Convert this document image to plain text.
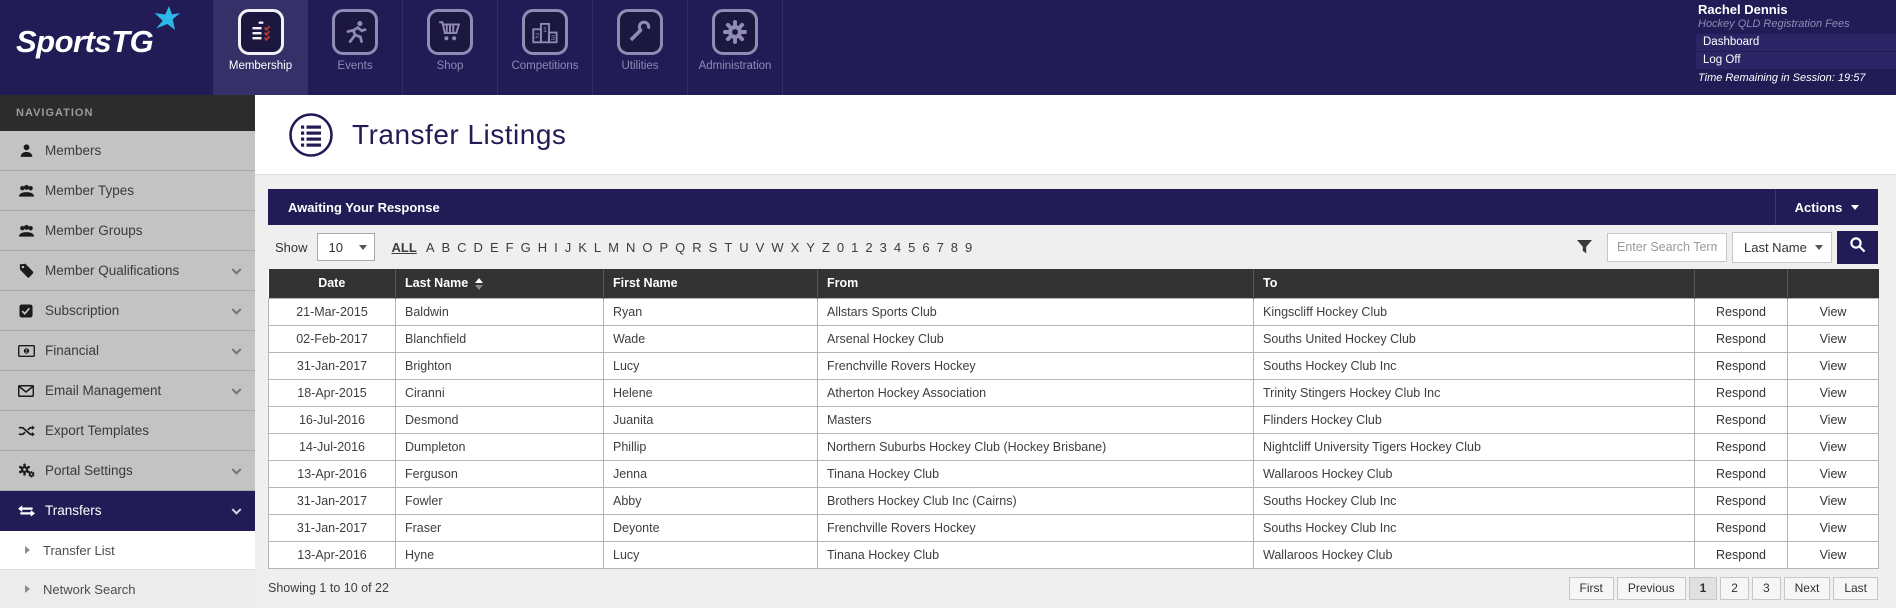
SportsTG
Membership	Events	Shop
2
1
3
Competitions	Utilities	Administration
Rachel Dennis
Hockey QLD Registration Fees
Dashboard
Log Off
Time Remaining in Session: 19:57
NAVIGATION
Members
Member Types
Member Groups
Member Qualifications
Subscription
1 Financial
Email Management
Export Templates
Portal Settings
Transfers
Transfer List
Network Search
Transfer Listings
Awaiting Your Response	Actions
Show 10	ALL A B C D E F G H I J K L M N O P Q R S T U V W X Y Z 0 1 2 3 4 5 6 7 8 9
Enter Search Term	Last Name
Date	Last Name	First Name	From	To		
21-Mar-2015	Baldwin	Ryan	Allstars Sports Club	Kingscliff Hockey Club	Respond	View
02-Feb-2017	Blanchfield	Wade	Arsenal Hockey Club	Souths United Hockey Club	Respond	View
31-Jan-2017	Brighton	Lucy	Frenchville Rovers Hockey	Souths Hockey Club Inc	Respond	View
18-Apr-2015	Ciranni	Helene	Atherton Hockey Association	Trinity Stingers Hockey Club Inc	Respond	View
16-Jul-2016	Desmond	Juanita	Masters	Flinders Hockey Club	Respond	View
14-Jul-2016	Dumpleton	Phillip	Northern Suburbs Hockey Club (Hockey Brisbane)	Nightcliff University Tigers Hockey Club	Respond	View
13-Apr-2016	Ferguson	Jenna	Tinana Hockey Club	Wallaroos Hockey Club	Respond	View
31-Jan-2017	Fowler	Abby	Brothers Hockey Club Inc (Cairns)	Souths Hockey Club Inc	Respond	View
31-Jan-2017	Fraser	Deyonte	Frenchville Rovers Hockey	Souths Hockey Club Inc	Respond	View
13-Apr-2016	Hyne	Lucy	Tinana Hockey Club	Wallaroos Hockey Club	Respond	View
Showing 1 to 10 of 22	First	Previous	1	2	3	Next	Last
